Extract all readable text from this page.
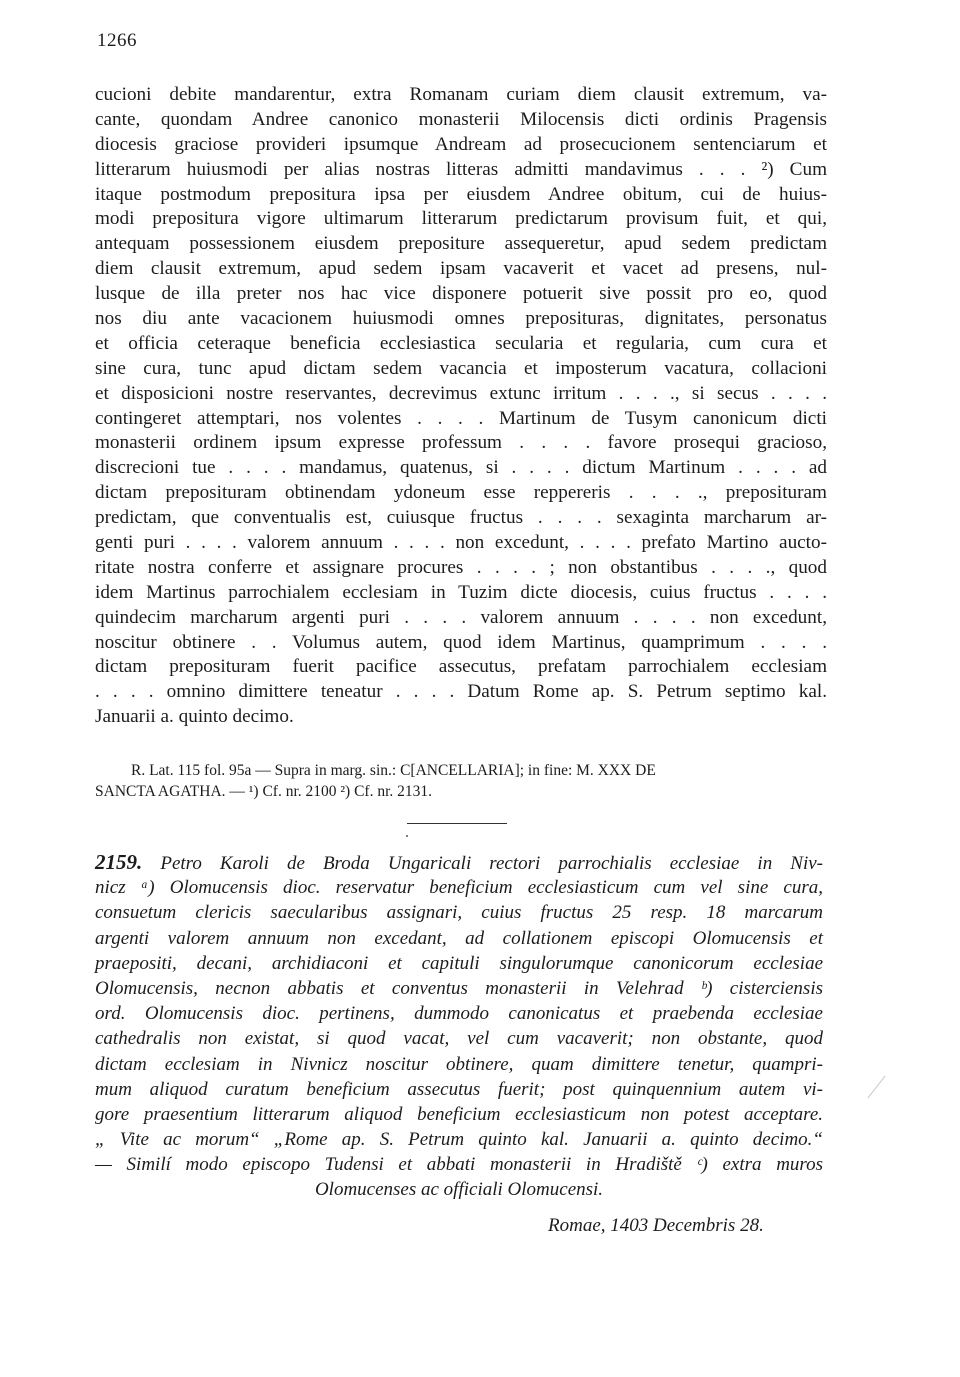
1266
cucioni debite mandarentur, extra Romanam curiam diem clausit extremum, va-
cante, quondam Andree canonico monasterii Milocensis dicti ordinis Pragensis
diocesis graciose provideri ipsumque Andream ad prosecucionem sentenciarum et
litterarum huiusmodi per alias nostras litteras admitti mandavimus . . . ²) Cum
itaque postmodum prepositura ipsa per eiusdem Andree obitum, cui de huius-
modi prepositura vigore ultimarum litterarum predictarum provisum fuit, et qui,
antequam possessionem eiusdem prepositure assequeretur, apud sedem predictam
diem clausit extremum, apud sedem ipsam vacaverit et vacet ad presens, nul-
lusque de illa preter nos hac vice disponere potuerit sive possit pro eo, quod
nos diu ante vacacionem huiusmodi omnes preposituras, dignitates, personatus
et officia ceteraque beneficia ecclesiastica secularia et regularia, cum cura et
sine cura, tunc apud dictam sedem vacancia et imposterum vacatura, collacioni
et disposicioni nostre reservantes, decrevimus extunc irritum . . . ., si secus . . . .
contingeret attemptari, nos volentes . . . . Martinum de Tusym canonicum dicti
monasterii ordinem ipsum expresse professum . . . . favore prosequi gracioso,
discrecioni tue . . . . mandamus, quatenus, si . . . . dictum Martinum . . . . ad
dictam preposituram obtinendam ydoneum esse reppereris . . . ., preposituram
predictam, que conventualis est, cuiusque fructus . . . . sexaginta marcharum ar-
genti puri . . . . valorem annuum . . . . non excedunt, . . . . prefato Martino aucto-
ritate nostra conferre et assignare procures . . . . ; non obstantibus . . . ., quod
idem Martinus parrochialem ecclesiam in Tuzim dicte diocesis, cuius fructus . . . .
quindecim marcharum argenti puri . . . . valorem annuum . . . . non excedunt,
noscitur obtinere . . Volumus autem, quod idem Martinus, quamprimum . . . .
dictam preposituram fuerit pacifice assecutus, prefatam parrochialem ecclesiam
. . . . omnino dimittere teneatur . . . . Datum Rome ap. S. Petrum septimo kal.
Januarii a. quinto decimo.
R. Lat. 115 fol. 95a — Supra in marg. sin.: C[ANCELLARIA]; in fine: M. XXX DE
SANCTA AGATHA. — ¹) Cf. nr. 2100 ²) Cf. nr. 2131.
2159. Petro Karoli de Broda Ungaricali rectori parrochialis ecclesiae in Niv-
nicz ᵃ) Olomucensis dioc. reservatur beneficium ecclesiasticum cum vel sine cura,
consuetum clericis saecularibus assignari, cuius fructus 25 resp. 18 marcarum
argenti valorem annuum non excedant, ad collationem episcopi Olomucensis et
praepositi, decani, archidiaconi et capituli singulorumque canonicorum ecclesiae
Olomucensis, necnon abbatis et conventus monasterii in Velehrad ᵇ) cisterciensis
ord. Olomucensis dioc. pertinens, dummodo canonicatus et praebenda ecclesiae
cathedralis non existat, si quod vacat, vel cum vacaverit; non obstante, quod
dictam ecclesiam in Nivnicz noscitur obtinere, quam dimittere tenetur, quampri-
mum aliquod curatum beneficium assecutus fuerit; post quinquennium autem vi-
gore praesentium litterarum aliquod beneficium ecclesiasticum non potest acceptare.
„ Vite ac morum“ „Rome ap. S. Petrum quinto kal. Januarii a. quinto decimo.“
— Similí modo episcopo Tudensi et abbati monasterii in Hradiště ᶜ) extra muros
Olomucenses ac officiali Olomucensi.
Romae, 1403 Decembris 28.
